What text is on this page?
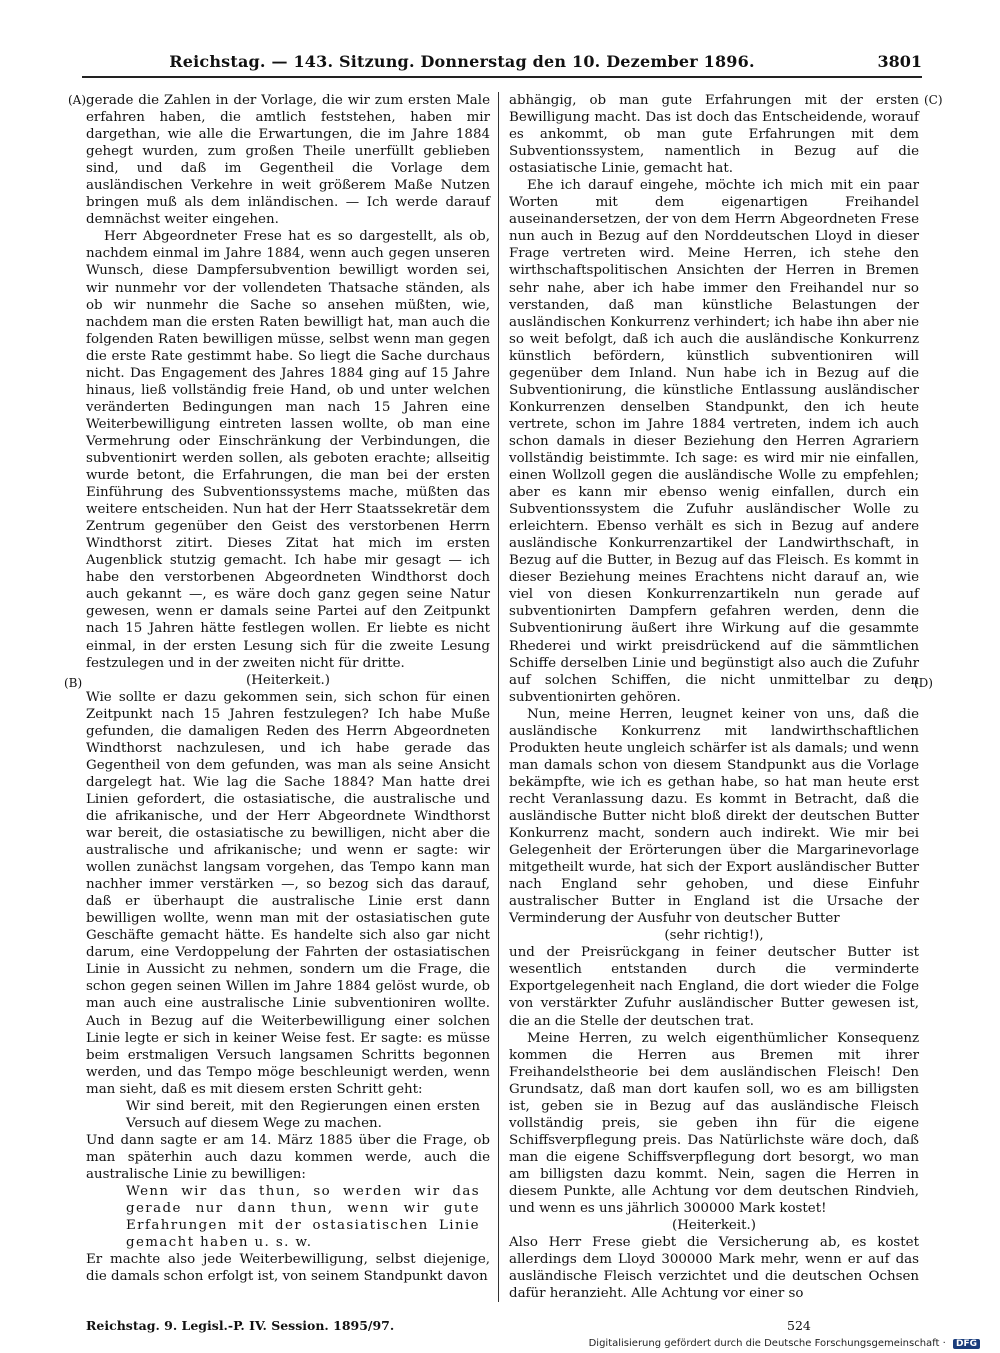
Reichstag. — 143. Sitzung. Donnerstag den 10. Dezember 1896.	3801
(A)
(B)
(C)
(D)

gerade die Zahlen in der Vorlage, die wir zum ersten Male erfahren haben, die amtlich feststehen, haben mir dargethan, wie alle die Erwartungen, die im Jahre 1884 gehegt wurden, zum großen Theile unerfüllt geblieben sind, und daß im Gegentheil die Vorlage dem ausländischen Verkehre in weit größerem Maße Nutzen bringen muß als dem inländischen. — Ich werde darauf demnächst weiter eingehen.

Herr Abgeordneter Frese hat es so dargestellt, als ob, nachdem einmal im Jahre 1884, wenn auch gegen unseren Wunsch, diese Dampfersubvention bewilligt worden sei, wir nunmehr vor der vollendeten Thatsache ständen, als ob wir nunmehr die Sache so ansehen müßten, wie, nachdem man die ersten Raten bewilligt hat, man auch die folgenden Raten bewilligen müsse, selbst wenn man gegen die erste Rate gestimmt habe. So liegt die Sache durchaus nicht. Das Engagement des Jahres 1884 ging auf 15 Jahre hinaus, ließ vollständig freie Hand, ob und unter welchen veränderten Bedingungen man nach 15 Jahren eine Weiterbewilligung eintreten lassen wollte, ob man eine Vermehrung oder Einschränkung der Verbindungen, die subventionirt werden sollen, als geboten erachte; allseitig wurde betont, die Erfahrungen, die man bei der ersten Einführung des Subventionssystems mache, müßten das weitere entscheiden. Nun hat der Herr Staatssekretär dem Zentrum gegenüber den Geist des verstorbenen Herrn Windthorst zitirt. Dieses Zitat hat mich im ersten Augenblick stutzig gemacht. Ich habe mir gesagt — ich habe den verstorbenen Abgeordneten Windthorst doch auch gekannt —, es wäre doch ganz gegen seine Natur gewesen, wenn er damals seine Partei auf den Zeitpunkt nach 15 Jahren hätte festlegen wollen. Er liebte es nicht einmal, in der ersten Lesung sich für die zweite Lesung festzulegen und in der zweiten nicht für dritte.

(Heiterkeit.)

Wie sollte er dazu gekommen sein, sich schon für einen Zeitpunkt nach 15 Jahren festzulegen? Ich habe Muße gefunden, die damaligen Reden des Herrn Abgeordneten Windthorst nachzulesen, und ich habe gerade das Gegentheil von dem gefunden, was man als seine Ansicht dargelegt hat. Wie lag die Sache 1884? Man hatte drei Linien gefordert, die ostasiatische, die australische und die afrikanische, und der Herr Abgeordnete Windthorst war bereit, die ostasiatische zu bewilligen, nicht aber die australische und afrikanische; und wenn er sagte: wir wollen zunächst langsam vorgehen, das Tempo kann man nachher immer verstärken —, so bezog sich das darauf, daß er überhaupt die australische Linie erst dann bewilligen wollte, wenn man mit der ostasiatischen gute Geschäfte gemacht hätte. Es handelte sich also gar nicht darum, eine Verdoppelung der Fahrten der ostasiatischen Linie in Aussicht zu nehmen, sondern um die Frage, die schon gegen seinen Willen im Jahre 1884 gelöst wurde, ob man auch eine australische Linie subventioniren wollte. Auch in Bezug auf die Weiterbewilligung einer solchen Linie legte er sich in keiner Weise fest. Er sagte: es müsse beim erstmaligen Versuch langsamen Schritts begonnen werden, und das Tempo möge beschleunigt werden, wenn man sieht, daß es mit diesem ersten Schritt geht:

Wir sind bereit, mit den Regierungen einen ersten Versuch auf diesem Wege zu machen.

Und dann sagte er am 14. März 1885 über die Frage, ob man späterhin auch dazu kommen werde, auch die australische Linie zu bewilligen:

Wenn wir das thun, so werden wir das gerade nur dann thun, wenn wir gute Erfahrungen mit der ostasiatischen Linie gemacht haben u. s. w.

Er machte also jede Weiterbewilligung, selbst diejenige, die damals schon erfolgt ist, von seinem Standpunkt davon

abhängig, ob man gute Erfahrungen mit der ersten Bewilligung macht. Das ist doch das Entscheidende, worauf es ankommt, ob man gute Erfahrungen mit dem Subventionssystem, namentlich in Bezug auf die ostasiatische Linie, gemacht hat.

Ehe ich darauf eingehe, möchte ich mich mit ein paar Worten mit dem eigenartigen Freihandel auseinandersetzen, der von dem Herrn Abgeordneten Frese nun auch in Bezug auf den Norddeutschen Lloyd in dieser Frage vertreten wird. Meine Herren, ich stehe den wirthschaftspolitischen Ansichten der Herren in Bremen sehr nahe, aber ich habe immer den Freihandel nur so verstanden, daß man künstliche Belastungen der ausländischen Konkurrenz verhindert; ich habe ihn aber nie so weit befolgt, daß ich auch die ausländische Konkurrenz künstlich befördern, künstlich subventioniren will gegenüber dem Inland. Nun habe ich in Bezug auf die Subventionirung, die künstliche Entlassung ausländischer Konkurrenzen denselben Standpunkt, den ich heute vertrete, schon im Jahre 1884 vertreten, indem ich auch schon damals in dieser Beziehung den Herren Agrariern vollständig beistimmte. Ich sage: es wird mir nie einfallen, einen Wollzoll gegen die ausländische Wolle zu empfehlen; aber es kann mir ebenso wenig einfallen, durch ein Subventionssystem die Zufuhr ausländischer Wolle zu erleichtern. Ebenso verhält es sich in Bezug auf andere ausländische Konkurrenzartikel der Landwirthschaft, in Bezug auf die Butter, in Bezug auf das Fleisch. Es kommt in dieser Beziehung meines Erachtens nicht darauf an, wie viel von diesen Konkurrenzartikeln nun gerade auf subventionirten Dampfern gefahren werden, denn die Subventionirung äußert ihre Wirkung auf die gesammte Rhederei und wirkt preisdrückend auf die sämmtlichen Schiffe derselben Linie und begünstigt also auch die Zufuhr auf solchen Schiffen, die nicht unmittelbar zu den subventionirten gehören.

Nun, meine Herren, leugnet keiner von uns, daß die ausländische Konkurrenz mit landwirthschaftlichen Produkten heute ungleich schärfer ist als damals; und wenn man damals schon von diesem Standpunkt aus die Vorlage bekämpfte, wie ich es gethan habe, so hat man heute erst recht Veranlassung dazu. Es kommt in Betracht, daß die ausländische Butter nicht bloß direkt der deutschen Butter Konkurrenz macht, sondern auch indirekt. Wie mir bei Gelegenheit der Erörterungen über die Margarinevorlage mitgetheilt wurde, hat sich der Export ausländischer Butter nach England sehr gehoben, und diese Einfuhr australischer Butter in England ist die Ursache der Verminderung der Ausfuhr von deutscher Butter

(sehr richtig!),

und der Preisrückgang in feiner deutscher Butter ist wesentlich entstanden durch die verminderte Exportgelegenheit nach England, die dort wieder die Folge von verstärkter Zufuhr ausländischer Butter gewesen ist, die an die Stelle der deutschen trat.

Meine Herren, zu welch eigenthümlicher Konsequenz kommen die Herren aus Bremen mit ihrer Freihandelstheorie bei dem ausländischen Fleisch! Den Grundsatz, daß man dort kaufen soll, wo es am billigsten ist, geben sie in Bezug auf das ausländische Fleisch vollständig preis, sie geben ihn für die eigene Schiffsverpflegung preis. Das Natürlichste wäre doch, daß man die eigene Schiffsverpflegung dort besorgt, wo man am billigsten dazu kommt. Nein, sagen die Herren in diesem Punkte, alle Achtung vor dem deutschen Rindvieh, und wenn es uns jährlich 300000 Mark kostet!

(Heiterkeit.)

Also Herr Frese giebt die Versicherung ab, es kostet allerdings dem Lloyd 300000 Mark mehr, wenn er auf das ausländische Fleisch verzichtet und die deutschen Ochsen dafür heranzieht. Alle Achtung vor einer so

Reichstag. 9. Legisl.-P. IV. Session. 1895/97.	524
Digitalisierung gefördert durch die Deutsche Forschungsgemeinschaft · DFG
